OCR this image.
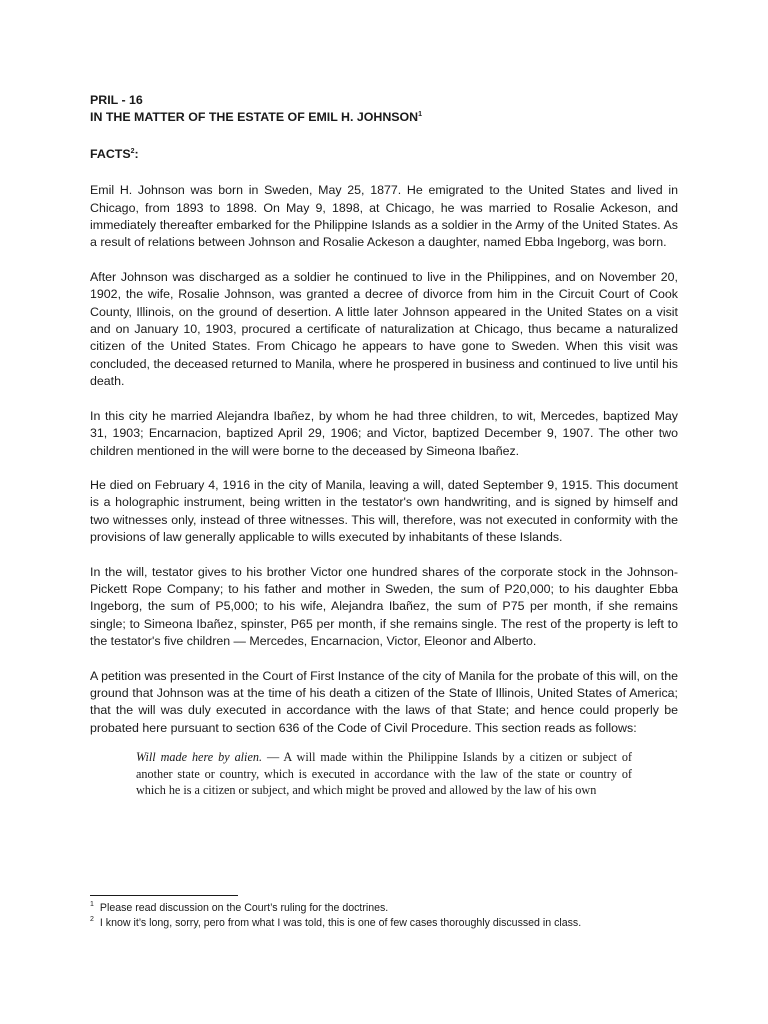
PRIL - 16

IN THE MATTER OF THE ESTATE OF EMIL H. JOHNSON$^1$

FACTS$^2$:

Emil H. Johnson was born in Sweden, May 25, 1877. He emigrated to the United States and lived in Chicago, from 1893 to 1898. On May 9, 1898, at Chicago, he was married to Rosalie Ackeson, and immediately thereafter embarked for the Philippine Islands as a soldier in the Army of the United States. As a result of relations between Johnson and Rosalie Ackeson a daughter, named Ebba Ingeborg, was born.

After Johnson was discharged as a soldier he continued to live in the Philippines, and on November 20, 1902, the wife, Rosalie Johnson, was granted a decree of divorce from him in the Circuit Court of Cook County, Illinois, on the ground of desertion. A little later Johnson appeared in the United States on a visit and on January 10, 1903, procured a certificate of naturalization at Chicago, thus became a naturalized citizen of the United States. From Chicago he appears to have gone to Sweden. When this visit was concluded, the deceased returned to Manila, where he prospered in business and continued to live until his death.

In this city he married Alejandra Ibañez, by whom he had three children, to wit, Mercedes, baptized May 31, 1903; Encarnacion, baptized April 29, 1906; and Victor, baptized December 9, 1907. The other two children mentioned in the will were borne to the deceased by Simeona Ibañez.

He died on February 4, 1916 in the city of Manila, leaving a will, dated September 9, 1915. This document is a holographic instrument, being written in the testator's own handwriting, and is signed by himself and two witnesses only, instead of three witnesses. This will, therefore, was not executed in conformity with the provisions of law generally applicable to wills executed by inhabitants of these Islands.

In the will, testator gives to his brother Victor one hundred shares of the corporate stock in the Johnson-Pickett Rope Company; to his father and mother in Sweden, the sum of P20,000; to his daughter Ebba Ingeborg, the sum of P5,000; to his wife, Alejandra Ibañez, the sum of P75 per month, if she remains single; to Simeona Ibañez, spinster, P65 per month, if she remains single. The rest of the property is left to the testator's five children — Mercedes, Encarnacion, Victor, Eleonor and Alberto.

A petition was presented in the Court of First Instance of the city of Manila for the probate of this will, on the ground that Johnson was at the time of his death a citizen of the State of Illinois, United States of America; that the will was duly executed in accordance with the laws of that State; and hence could properly be probated here pursuant to section 636 of the Code of Civil Procedure. This section reads as follows:

Will made here by alien. — A will made within the Philippine Islands by a citizen or subject of another state or country, which is executed in accordance with the law of the state or country of which he is a citizen or subject, and which might be proved and allowed by the law of his own

$^1$ Please read discussion on the Court’s ruling for the doctrines.

$^2$ I know it’s long, sorry, pero from what I was told, this is one of few cases thoroughly discussed in class.
